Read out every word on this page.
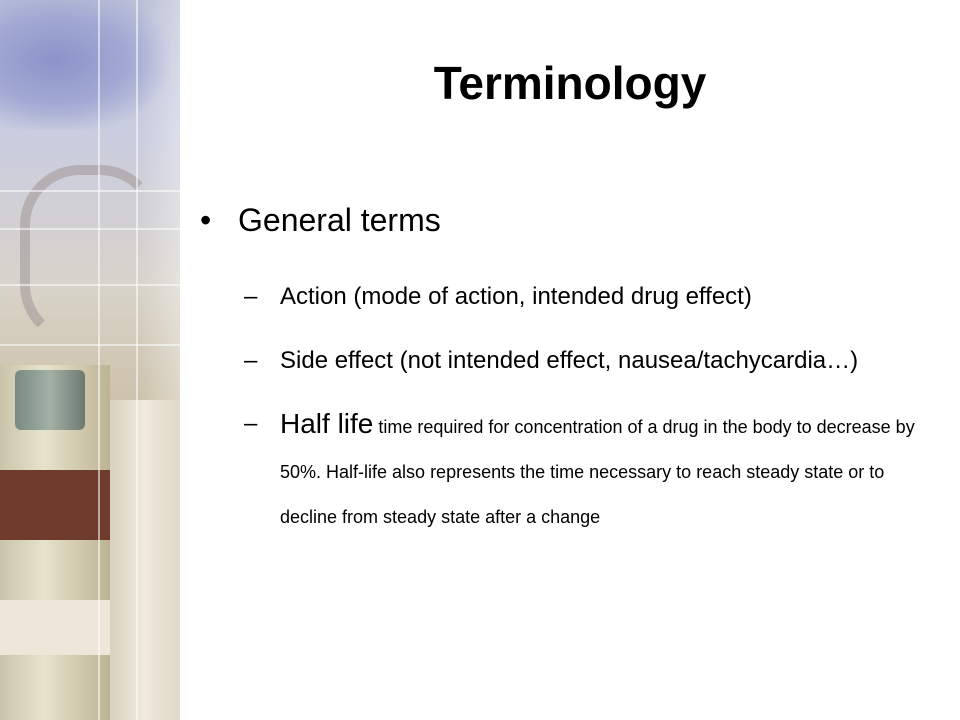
Terminology
• General terms
– Action (mode of action, intended drug effect)
– Side effect (not intended effect, nausea/tachycardia…)
– Half life time required for concentration of a drug in the body to decrease by 50%. Half-life also represents the time necessary to reach steady state or to decline from steady state after a change
